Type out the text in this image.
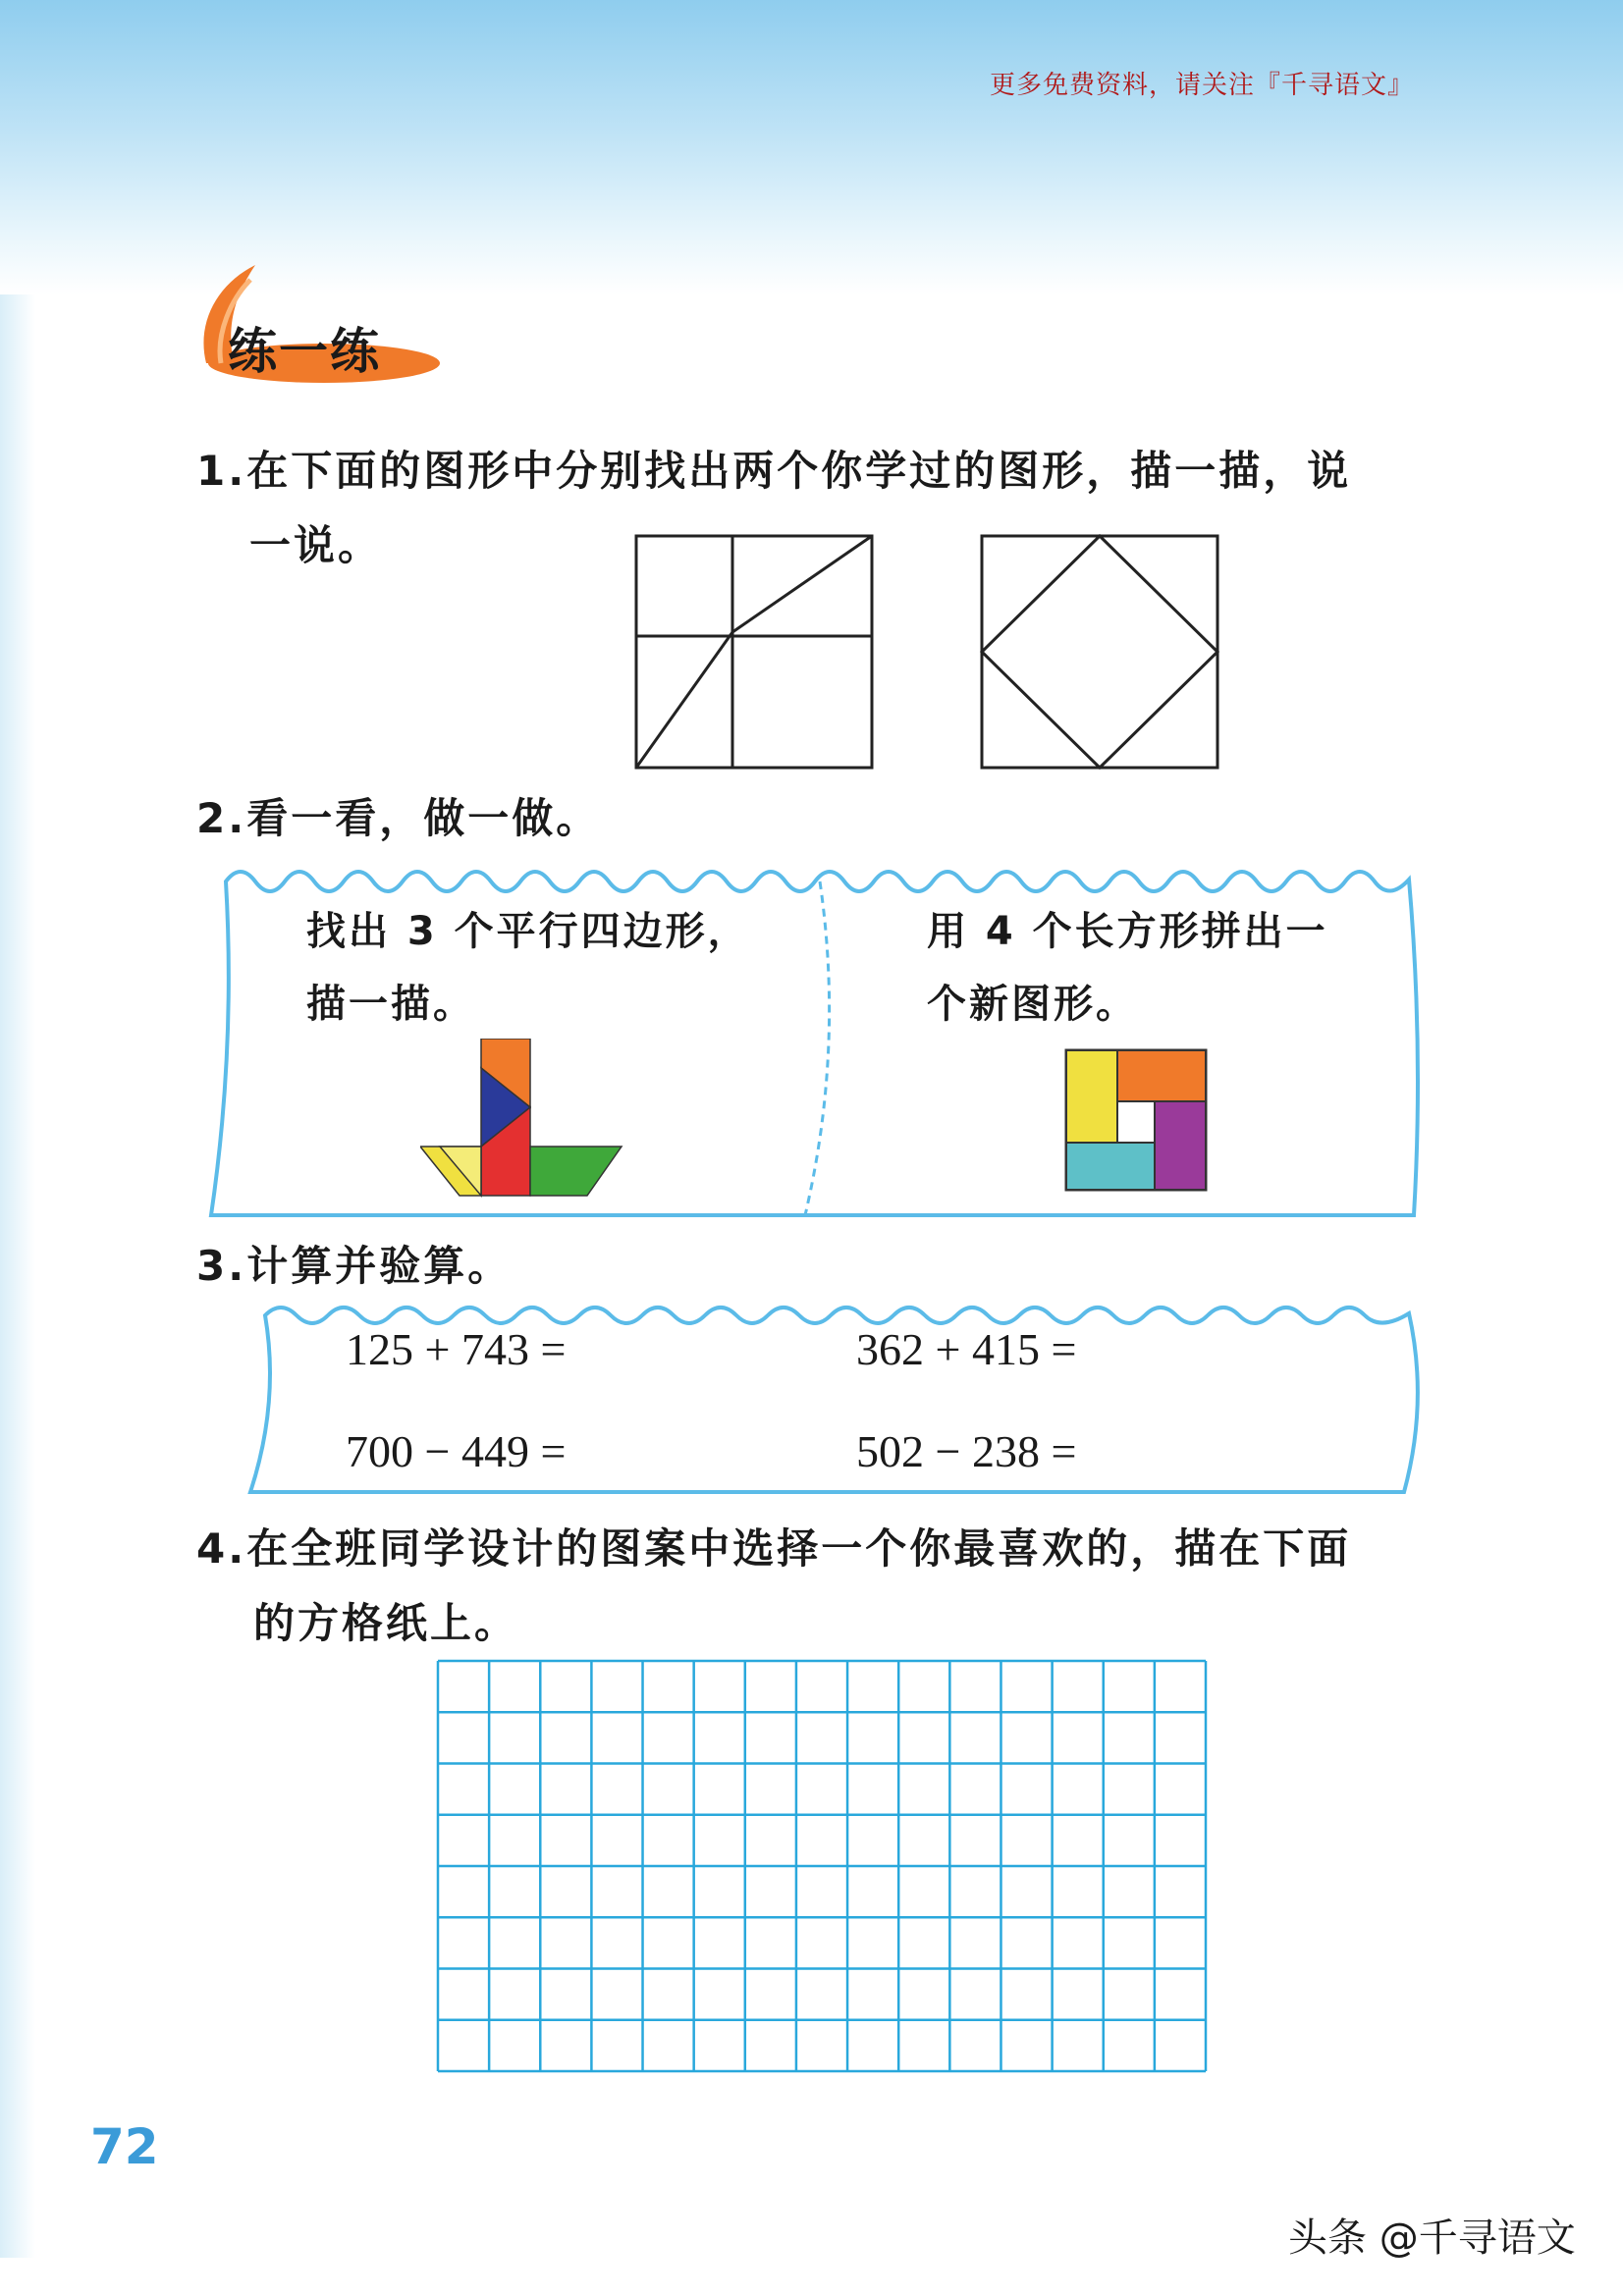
更多免费资料，请关注『千寻语文』
练一练
1.在下面的图形中分别找出两个你学过的图形，描一描，说
一说。
2.看一看，做一做。
找出 3 个平行四边形，
描一描。
用 4 个长方形拼出一
个新图形。
3.计算并验算。
125 + 743 =	362 + 415 =
700 − 449 =	502 − 238 =
4.在全班同学设计的图案中选择一个你最喜欢的，描在下面
的方格纸上。
72
头条 @千寻语文
